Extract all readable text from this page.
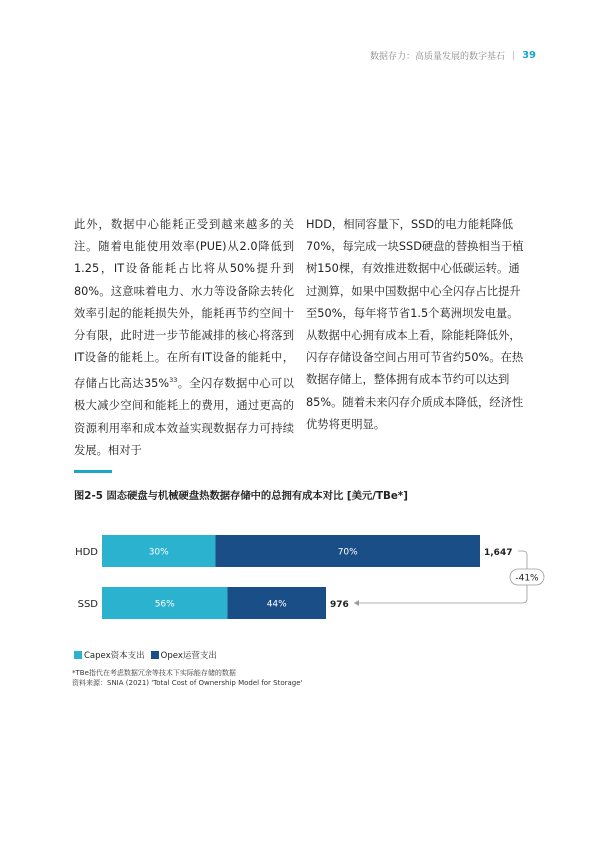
数据存力：高质量发展的数字基石 | 39

此外，数据中心能耗正受到越来越多的关注。随着电能使用效率(PUE)从2.0降低到1.25，IT设备能耗占比将从50%提升到80%。这意味着电力、水力等设备除去转化效率引起的能耗损失外，能耗再节约空间十分有限，此时进一步节能减排的核心将落到IT设备的能耗上。在所有IT设备的能耗中，存储占比高达35%$^{33}$。全闪存数据中心可以极大减少空间和能耗上的费用，通过更高的资源利用率和成本效益实现数据存力可持续发展。相对于

HDD，相同容量下，SSD的电力能耗降低70%，每完成一块SSD硬盘的替换相当于植树150棵，有效推进数据中心低碳运转。通过测算，如果中国数据中心全闪存占比提升至50%，每年将节省1.5个葛洲坝发电量。从数据中心拥有成本上看，除能耗降低外，闪存存储设备空间占用可节省约50%。在热数据存储上，整体拥有成本节约可以达到85%。随着未来闪存介质成本降低，经济性优势将更明显。

图2-5 固态硬盘与机械硬盘热数据存储中的总拥有成本对比 [美元/TBe*]
HDD	30%	70%	1,647
SSD	56%	44%	976
-41%
Capex资本支出 Opex运营支出
*TBe指代在考虑数据冗余等技术下实际能存储的数据
资料来源：SNIA (2021) 'Total Cost of Ownership Model for Storage'
